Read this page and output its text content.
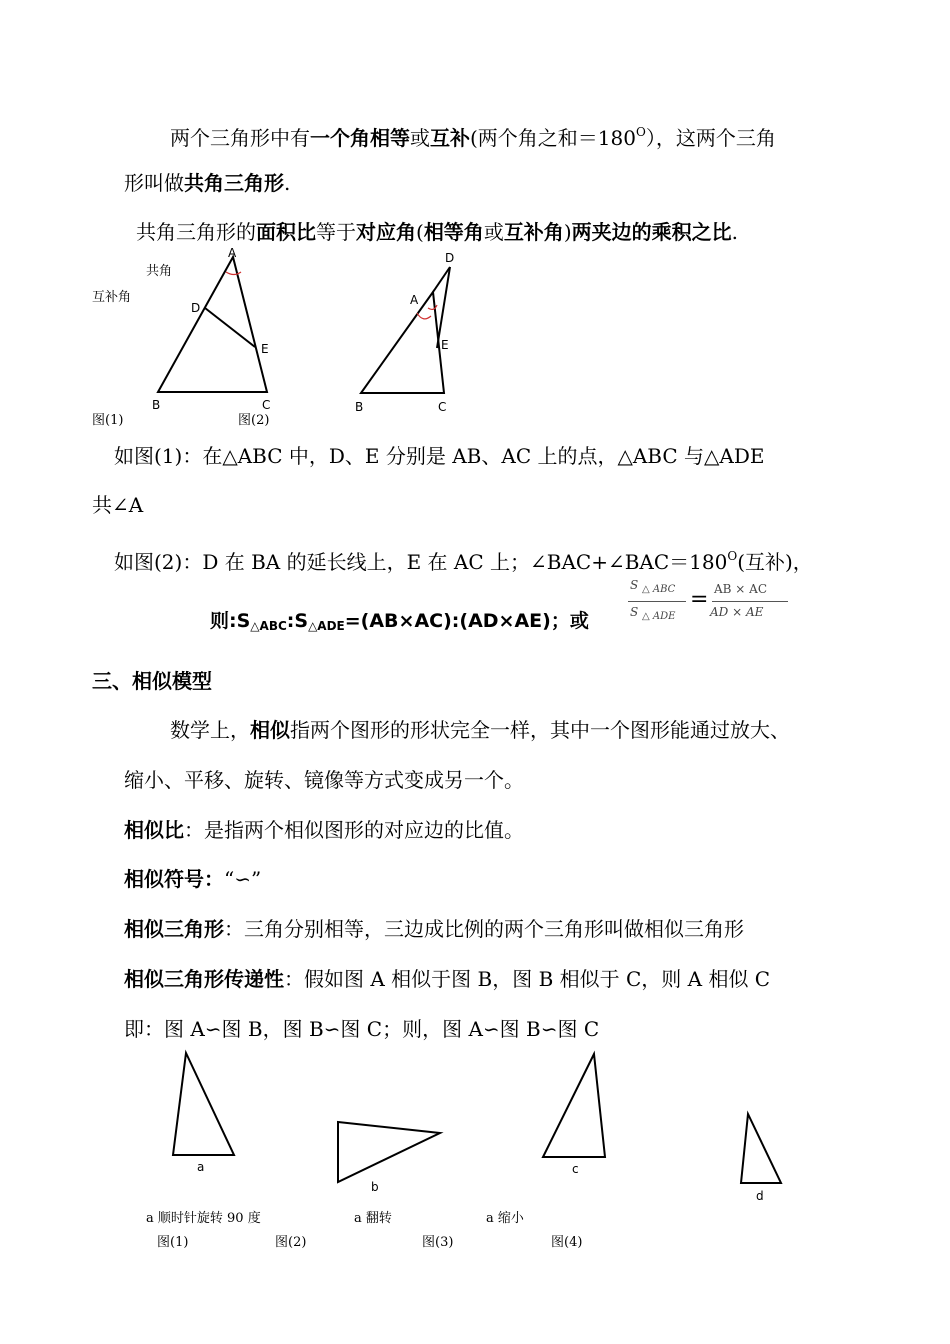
两个三角形中有一个角相等或互补(两个角之和$=180^O$），这两个三角
形叫做共角三角形.
共角三角形的面积比等于对应角(相等角或互补角)两夹边的乘积之比.
共角
互补角
A
D
E
B	C
D
A
E
B	C
图(1)	图(2)
如图(1)：在△ABC 中，D、E 分别是 AB、AC 上的点，△ABC 与△ADE
共∠A
如图(2)：D 在 BA 的延长线上，E 在 AC 上；$\angle BAC+\angle BAC=180^O$(互补)，
则$:S_{\triangle ABC}:S_{\triangle ADE}=(AB\times AC):(AD\times AE)$；或
S △ ABC
S △ ADE
= AB × AC
AD × AE
三、相似模型
数学上，相似指两个图形的形状完全一样，其中一个图形能通过放大、
缩小、平移、旋转、镜像等方式变成另一个。
相似比：是指两个相似图形的对应边的比值。
相似符号：“∽”
相似三角形：三角分别相等，三边成比例的两个三角形叫做相似三角形
相似三角形传递性：假如图 A 相似于图 B，图 B 相似于 C，则 A 相似 C
即：图 A∽图 B，图 B∽图 C；则，图 A∽图 B∽图 C
a
b
c
d
a 顺时针旋转 90 度	a 翻转	a 缩小
图(1)	图(2)	图(3)	图(4)
